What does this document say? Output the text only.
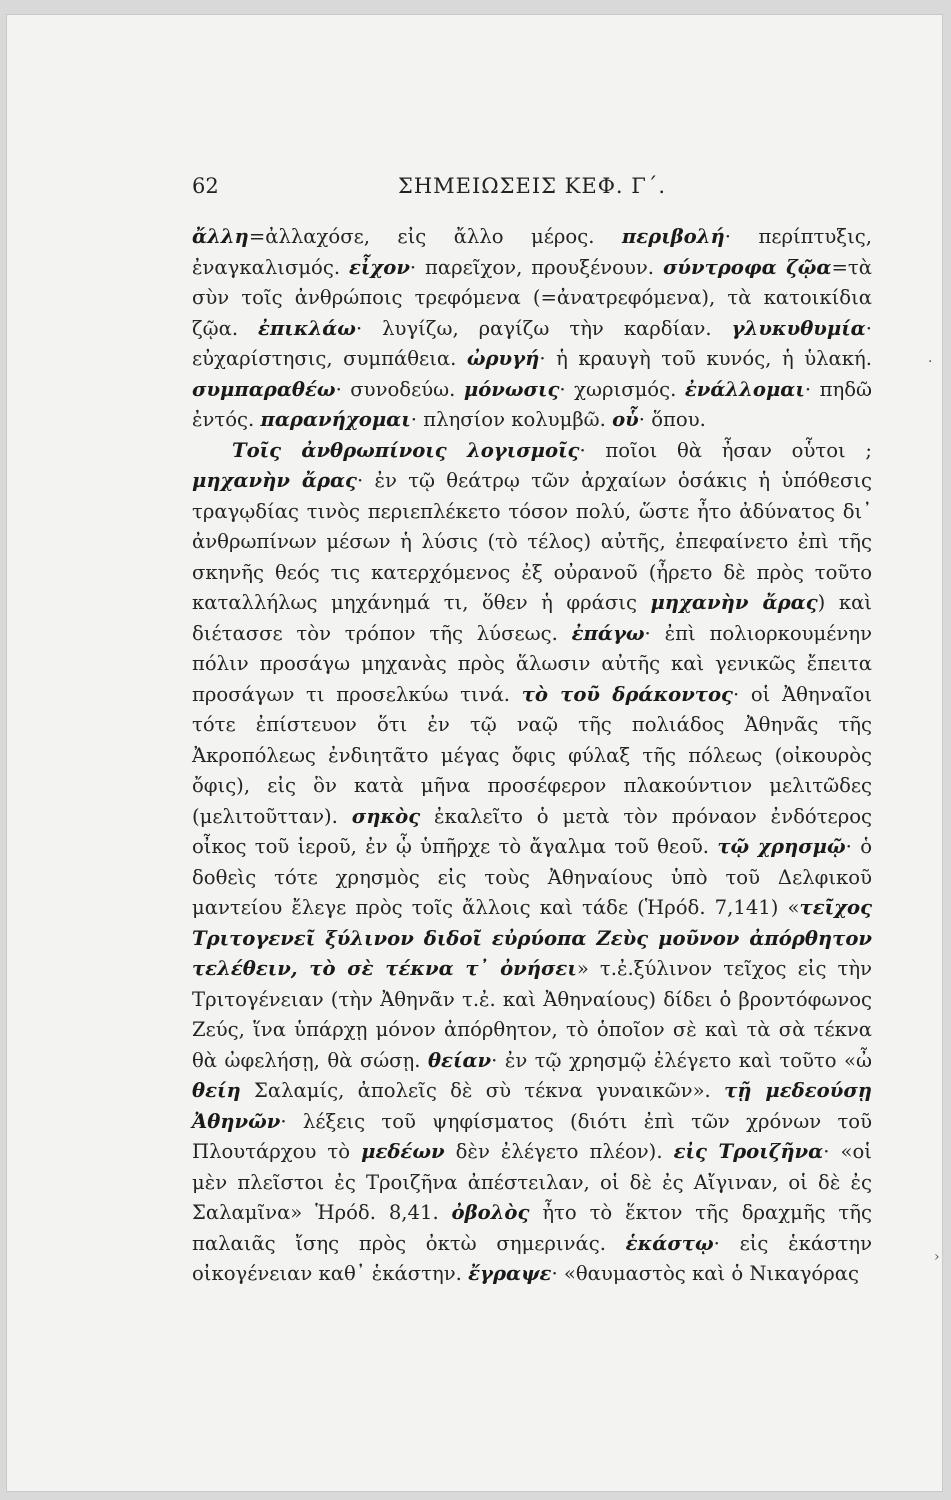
62	ΣΗΜΕΙΩΣΕΙΣ ΚΕΦ. Γ΄.

ἄλλη=ἀλλαχόσε, εἰς ἄλλο μέρος. περιβολή· περίπτυξις, ἐναγκαλισμός. εἶχον· παρεῖχον, προυξένουν. σύντροφα ζῷα=τὰ σὺν τοῖς ἀνθρώποις τρεφόμενα (=ἀνατρεφόμενα), τὰ κατοικίδια ζῷα. ἐπικλάω· λυγίζω, ραγίζω τὴν καρδίαν. γλυκυθυμία· εὐχαρίστησις, συμπάθεια. ὠρυγή· ἡ κραυγὴ τοῦ κυνός, ἡ ὑλακή. συμπαραθέω· συνοδεύω. μόνωσις· χωρισμός. ἐνάλλομαι· πηδῶ ἐντός. παρανήχομαι· πλησίον κολυμβῶ. οὗ· ὅπου.

Τοῖς ἀνθρωπίνοις λογισμοῖς· ποῖοι θὰ ἦσαν οὗτοι ; μηχανὴν ἄρας· ἐν τῷ θεάτρῳ τῶν ἀρχαίων ὁσάκις ἡ ὑπόθεσις τραγῳδίας τινὸς περιεπλέκετο τόσον πολύ, ὥστε ἦτο ἀδύνατος δι᾽ ἀνθρωπίνων μέσων ἡ λύσις (τὸ τέλος) αὐτῆς, ἐπεφαίνετο ἐπὶ τῆς σκηνῆς θεός τις κατερχόμενος ἐξ οὐρανοῦ (ἦρετο δὲ πρὸς τοῦτο καταλλήλως μηχάνημά τι, ὅθεν ἡ φράσις μηχανὴν ἄρας) καὶ διέτασσε τὸν τρόπον τῆς λύσεως. ἐπάγω· ἐπὶ πολιορκουμένην πόλιν προσάγω μηχανὰς πρὸς ἅλωσιν αὐτῆς καὶ γενικῶς ἔπειτα προσάγων τι προσελκύω τινά. τὸ τοῦ δράκοντος· οἱ Ἀθηναῖοι τότε ἐπίστευον ὅτι ἐν τῷ ναῷ τῆς πολιάδος Ἀθηνᾶς τῆς Ἀκροπόλεως ἐνδιητᾶτο μέγας ὄφις φύλαξ τῆς πόλεως (οἰκουρὸς ὄφις), εἰς ὃν κατὰ μῆνα προσέφερον πλακούντιον μελιτῶδες (μελιτοῦτταν). σηκὸς ἐκαλεῖτο ὁ μετὰ τὸν πρόναον ἐνδότερος οἶκος τοῦ ἱεροῦ, ἐν ᾧ ὑπῆρχε τὸ ἄγαλμα τοῦ θεοῦ. τῷ χρησμῷ· ὁ δοθεὶς τότε χρησμὸς εἰς τοὺς Ἀθηναίους ὑπὸ τοῦ Δελφικοῦ μαντείου ἔλεγε πρὸς τοῖς ἄλλοις καὶ τάδε (Ἡρόδ. 7,141) «τεῖχος Τριτογενεῖ ξύλινον διδοῖ εὐρύοπα Ζεὺς μοῦνον ἀπόρθητον τελέθειν, τὸ σὲ τέκνα τ᾽ ὀνήσει» τ.ἐ.ξύλινον τεῖχος εἰς τὴν Τριτογένειαν (τὴν Ἀθηνᾶν τ.ἐ. καὶ Ἀθηναίους) δίδει ὁ βροντόφωνος Ζεύς, ἵνα ὑπάρχῃ μόνον ἀπόρθητον, τὸ ὁποῖον σὲ καὶ τὰ σὰ τέκνα θὰ ὠφελήσῃ, θὰ σώσῃ. θείαν· ἐν τῷ χρησμῷ ἐλέγετο καὶ τοῦτο «ὦ θείη Σαλαμίς, ἀπολεῖς δὲ σὺ τέκνα γυναικῶν». τῇ μεδεούσῃ Ἀθηνῶν· λέξεις τοῦ ψηφίσματος (διότι ἐπὶ τῶν χρόνων τοῦ Πλουτάρχου τὸ μεδέων δὲν ἐλέγετο πλέον). εἰς Τροιζῆνα· «οἱ μὲν πλεῖστοι ἐς Τροιζῆνα ἀπέστειλαν, οἱ δὲ ἐς Αἴγιναν, οἱ δὲ ἐς Σαλαμῖνα» Ἡρόδ. 8,41. ὀβολὸς ἦτο τὸ ἕκτον τῆς δραχμῆς τῆς παλαιᾶς ἴσης πρὸς ὀκτὼ σημερινάς. ἑκάστῳ· εἰς ἑκάστην οἰκογένειαν καθ᾽ ἑκάστην. ἔγραψε· «θαυμαστὸς καὶ ὁ Νικαγόρας

·
›
